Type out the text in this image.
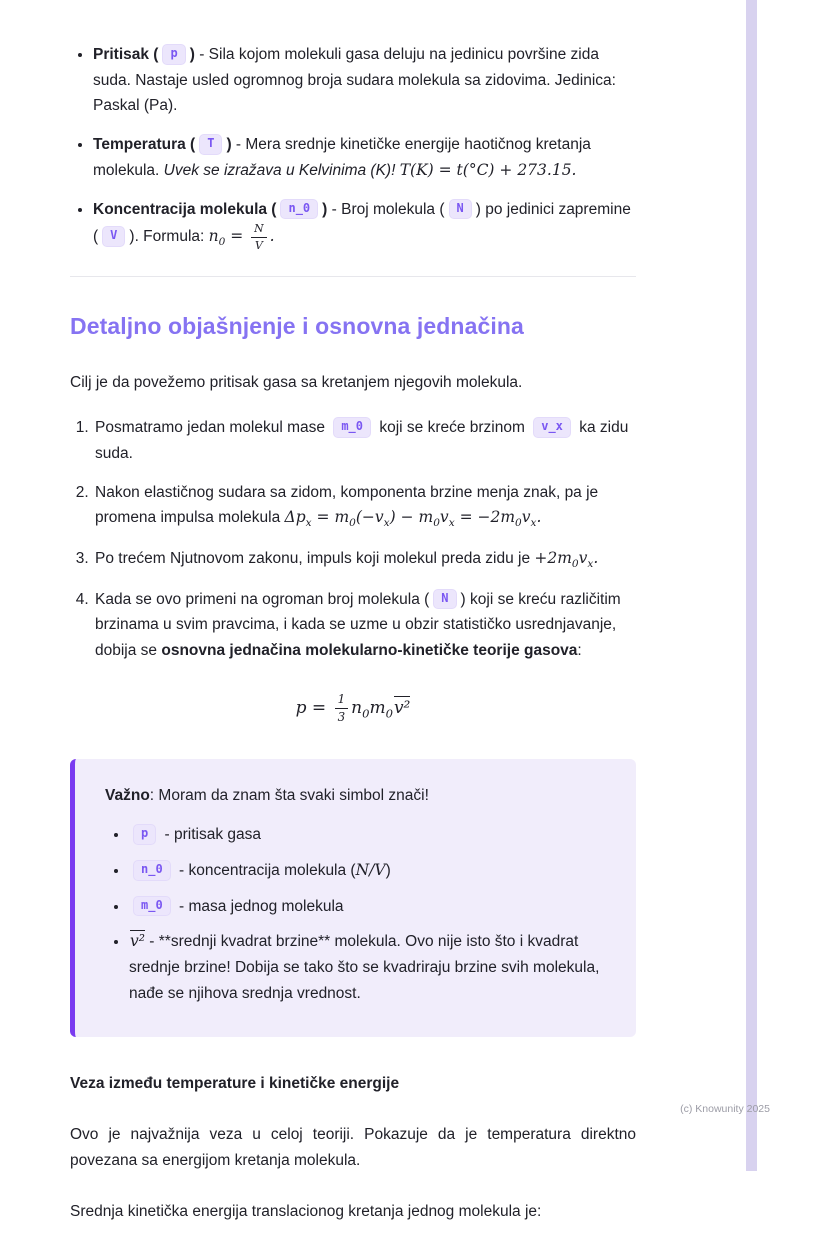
• Pritisak ( p ) - Sila kojom molekuli gasa deluju na jedinicu površine zida suda. Nastaje usled ogromnog broja sudara molekula sa zidovima. Jedinica: Paskal (Pa).
• Temperatura ( T ) - Mera srednje kinetičke energije haotičnog kretanja molekula. Uvek se izražava u Kelvinima (K)! T(K) = t(°C) + 273.15.
• Koncentracija molekula ( n_0 ) - Broj molekula ( N ) po jedinici zapremine ( V ). Formula: $n_0 = \frac{N}{V}$ .
Detaljno objašnjenje i osnovna jednačina

Cilj je da povežemo pritisak gasa sa kretanjem njegovih molekula.

1. Posmatramo jedan molekul mase m_0 koji se kreće brzinom v_x ka zidu suda.
2. Nakon elastičnog sudara sa zidom, komponenta brzine menja znak, pa je promena impulsa molekula $\Delta p_x = m_0(-v_x) - m_0v_x = -2m_0v_x$.
3. Po trećem Njutnovom zakonu, impuls koji molekul preda zidu je $+2m_0v_x$.
4. Kada se ovo primeni na ogroman broj molekula ( N ) koji se kreću različitim brzinama u svim pravcima, i kada se uzme u obzir statističko usrednjavanje, dobija se osnovna jednačina molekularno-kinetičke teorije gasova:
$p = \frac{1}{3} n_0m_0v^2$

Važno: Moram da znam šta svaki simbol znači!

• p - pritisak gasa
• n_0 - koncentracija molekula (N/V)
• m_0 - masa jednog molekula
• v² - **srednji kvadrat brzine** molekula. Ovo nije isto što i kvadrat srednje brzine! Dobija se tako što se kvadriraju brzine svih molekula, nađe se njihova srednja vrednost.
Veza između temperature i kinetičke energije

Ovo je najvažnija veza u celoj teoriji. Pokazuje da je temperatura direktno povezana sa energijom kretanja molekula.

Srednja kinetička energija translacionog kretanja jednog molekula je:

(c) Knowunity 2025
